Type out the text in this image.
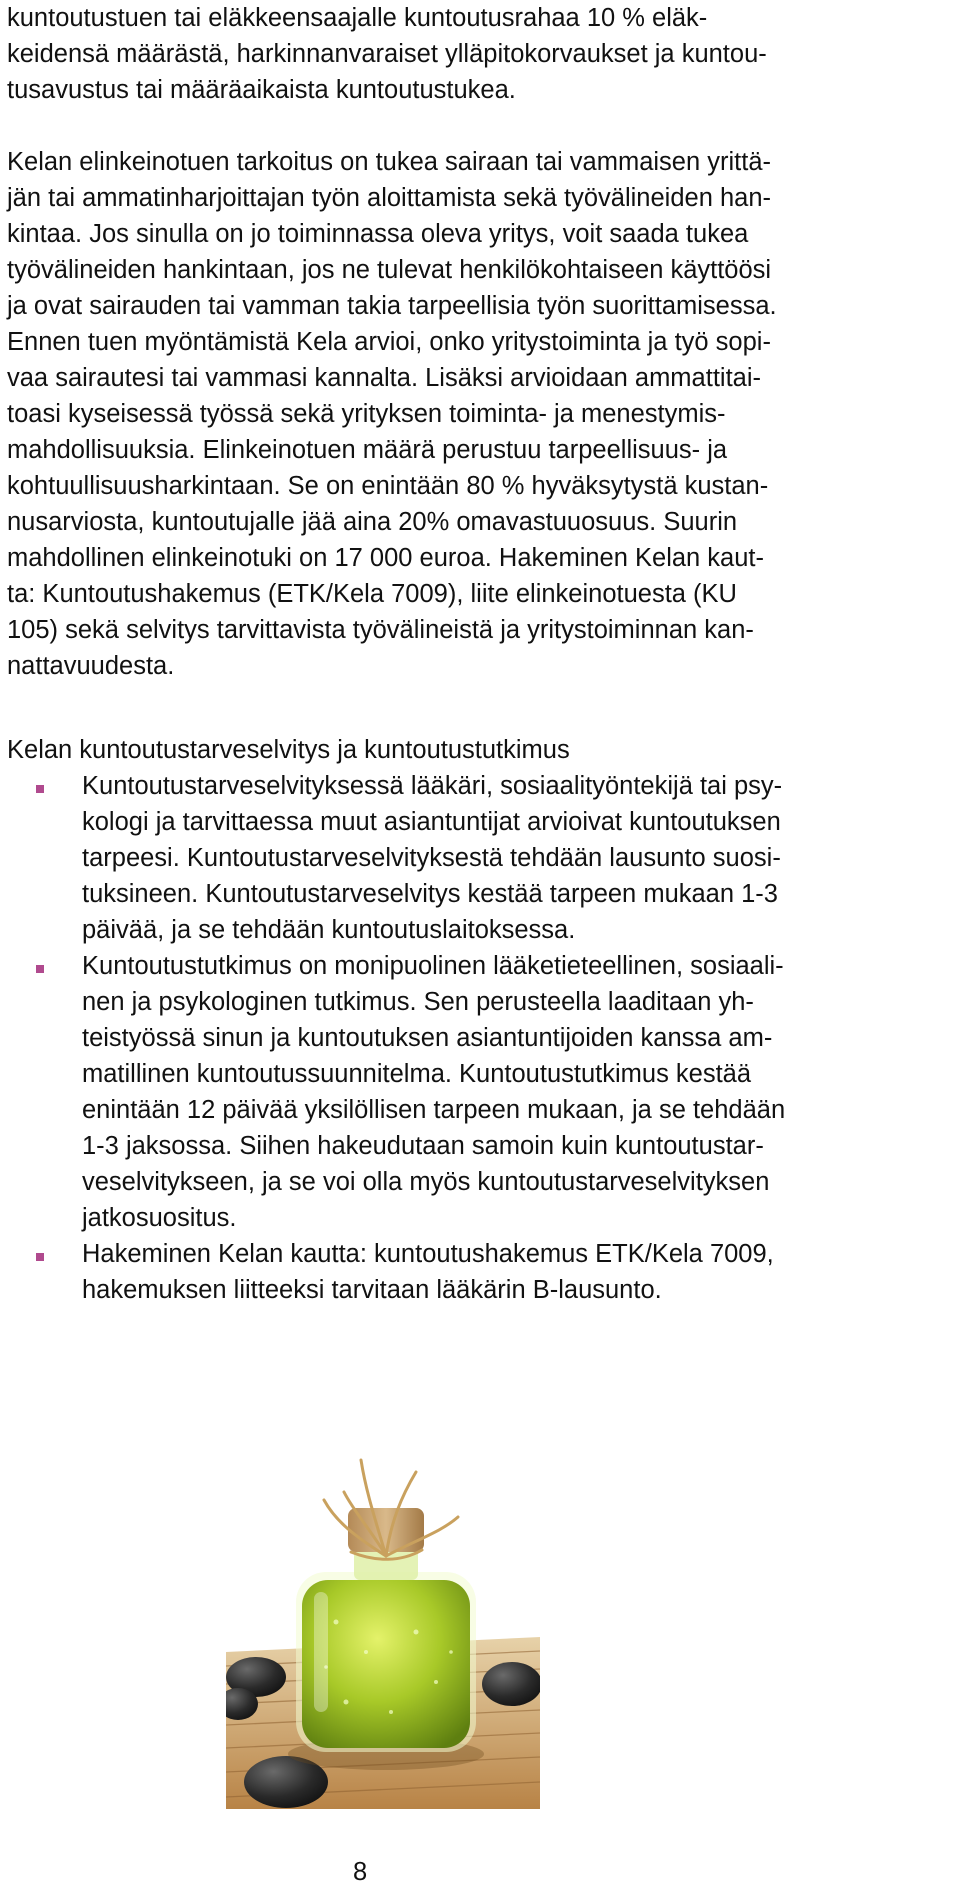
kuntoutustuen tai eläkkeensaajalle kuntoutusrahaa 10 % eläk-
keidensä määrästä, harkinnanvaraiset ylläpitokorvaukset ja kuntou-
tusavustus tai määräaikaista kuntoutustukea.
Kelan elinkeinotuen tarkoitus on tukea sairaan tai vammaisen yrittä-
jän tai ammatinharjoittajan työn aloittamista sekä työvälineiden han-
kintaa. Jos sinulla on jo toiminnassa oleva yritys, voit saada tukea
työvälineiden hankintaan, jos ne tulevat henkilökohtaiseen käyttöösi
ja ovat sairauden tai vamman takia tarpeellisia työn suorittamisessa.
Ennen tuen myöntämistä Kela arvioi, onko yritystoiminta ja työ sopi-
vaa sairautesi tai vammasi kannalta. Lisäksi arvioidaan ammattitai-
toasi kyseisessä työssä sekä yrityksen toiminta- ja menestymis-
mahdollisuuksia. Elinkeinotuen määrä perustuu tarpeellisuus- ja
kohtuullisuusharkintaan. Se on enintään 80 % hyväksytystä kustan-
nusarviosta, kuntoutujalle jää aina 20% omavastuuosuus. Suurin
mahdollinen elinkeinotuki on 17 000 euroa. Hakeminen Kelan kaut-
ta: Kuntoutushakemus (ETK/Kela 7009), liite elinkeinotuesta (KU
105) sekä selvitys tarvittavista työvälineistä ja yritystoiminnan kan-
nattavuudesta.
Kelan kuntoutustarveselvitys ja kuntoutustutkimus
Kuntoutustarveselvityksessä lääkäri, sosiaalityöntekijä tai psy-
kologi ja tarvittaessa muut asiantuntijat arvioivat kuntoutuksen
tarpeesi. Kuntoutustarveselvityksestä tehdään lausunto suosi-
tuksineen. Kuntoutustarveselvitys kestää tarpeen mukaan 1-3
päivää, ja se tehdään kuntoutuslaitoksessa.
Kuntoutustutkimus on monipuolinen lääketieteellinen, sosiaali-
nen ja psykologinen tutkimus. Sen perusteella laaditaan yh-
teistyössä sinun ja kuntoutuksen asiantuntijoiden kanssa am-
matillinen kuntoutussuunnitelma. Kuntoutustutkimus kestää
enintään 12 päivää yksilöllisen tarpeen mukaan, ja se tehdään
1-3 jaksossa. Siihen hakeudutaan samoin kuin kuntoutustar-
veselvitykseen, ja se voi olla myös kuntoutustarveselvityksen
jatkosuositus.
Hakeminen Kelan kautta: kuntoutushakemus ETK/Kela 7009,
hakemuksen liitteeksi tarvitaan lääkärin B-lausunto.
8
